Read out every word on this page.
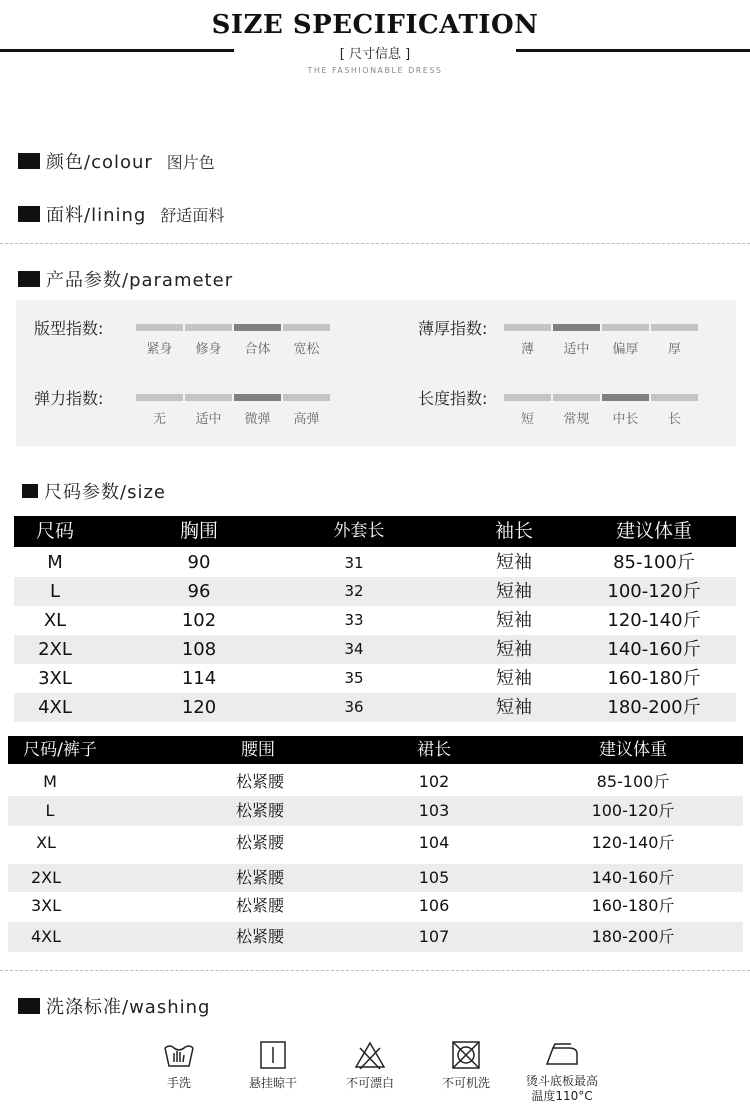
SIZE SPECIFICATION
[ 尺寸信息 ]
THE FASHIONABLE DRESS
颜色/colour 图片色
面料/lining 舒适面料
产品参数/parameter
版型指数:
紧身	修身	合体	宽松
薄厚指数:
薄	适中	偏厚	厚
弹力指数:
无	适中	微弹	高弹
长度指数:
短	常规	中长	长
尺码参数/size
尺码	胸围	外套长	袖长	建议体重
M	90	31	短袖	85-100斤
L	96	32	短袖	100-120斤
XL	102	33	短袖	120-140斤
2XL	108	34	短袖	140-160斤
3XL	114	35	短袖	160-180斤
4XL	120	36	短袖	180-200斤
尺码/裤子	腰围	裙长	建议体重
M	松紧腰	102	85-100斤
L	松紧腰	103	100-120斤
XL	松紧腰	104	120-140斤
2XL	松紧腰	105	140-160斤
3XL	松紧腰	106	160-180斤
4XL	松紧腰	107	180-200斤
洗涤标准/washing
手洗	悬挂晾干	不可漂白	不可机洗	烫斗底板最高
温度110°C
